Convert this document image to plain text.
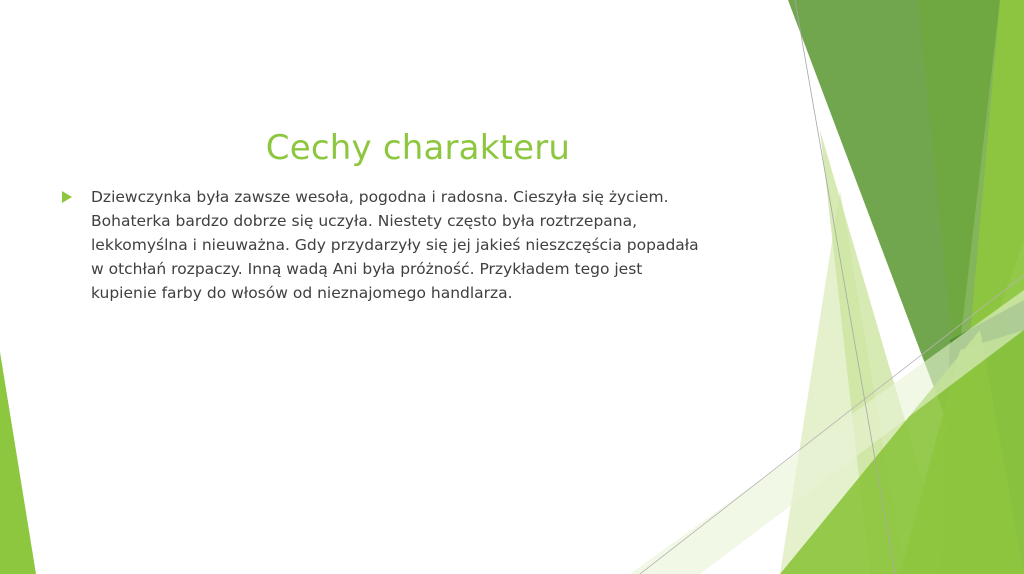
Cechy charakteru
Dziewczynka była zawsze wesoła, pogodna i radosna. Cieszyła się życiem.
Bohaterka bardzo dobrze się uczyła. Niestety często była roztrzepana,
lekkomyślna i nieuważna. Gdy przydarzyły się jej jakieś nieszczęścia popadała
w otchłań rozpaczy. Inną wadą Ani była próżność. Przykładem tego jest
kupienie farby do włosów od nieznajomego handlarza.
